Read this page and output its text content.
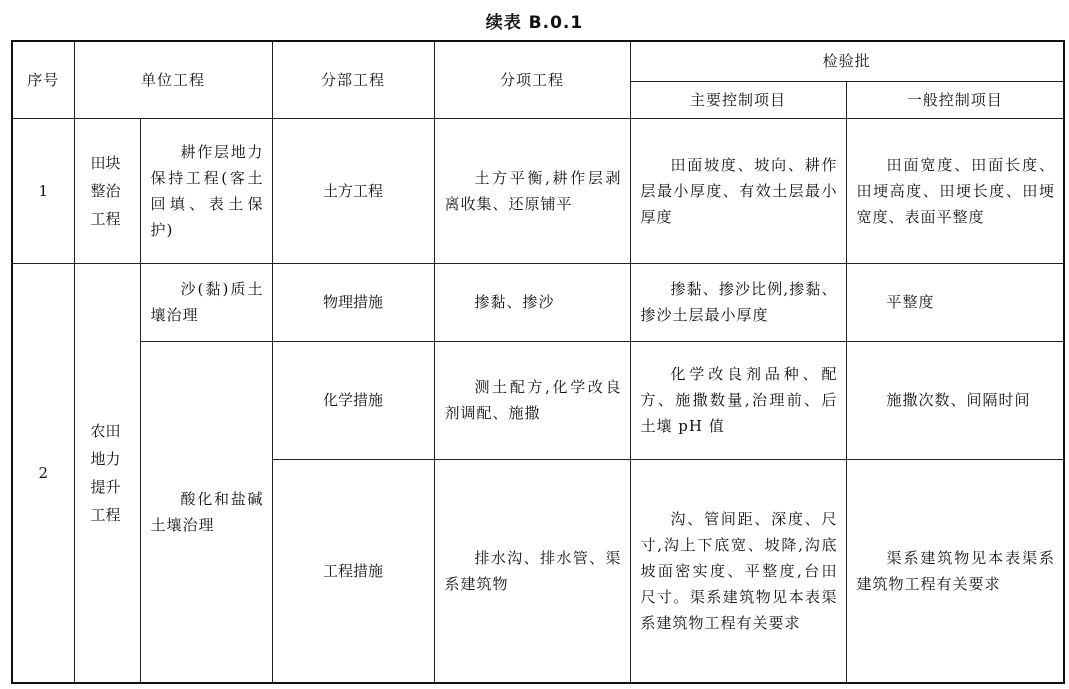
续表 B.0.1
序号	单位工程		分部工程	分项工程	检验批	
					主要控制项目	一般控制项目
1	田块整治工程	耕作层地力保持工程(客土回填、表土保护)	土方工程	土方平衡,耕作层剥离收集、还原铺平	田面坡度、坡向、耕作层最小厚度、有效土层最小厚度	田面宽度、田面长度、田埂高度、田埂长度、田埂宽度、表面平整度
2	农田地力提升工程	沙(黏)质土壤治理	物理措施	掺黏、掺沙	掺黏、掺沙比例,掺黏、掺沙土层最小厚度	平整度
		酸化和盐碱土壤治理	化学措施	测土配方,化学改良剂调配、施撒	化学改良剂品种、配方、施撒数量,治理前、后土壤 pH 值	施撒次数、间隔时间
			工程措施	排水沟、排水管、渠系建筑物	沟、管间距、深度、尺寸,沟上下底宽、坡降,沟底坡面密实度、平整度,台田尺寸。渠系建筑物见本表渠系建筑物工程有关要求	渠系建筑物见本表渠系建筑物工程有关要求
